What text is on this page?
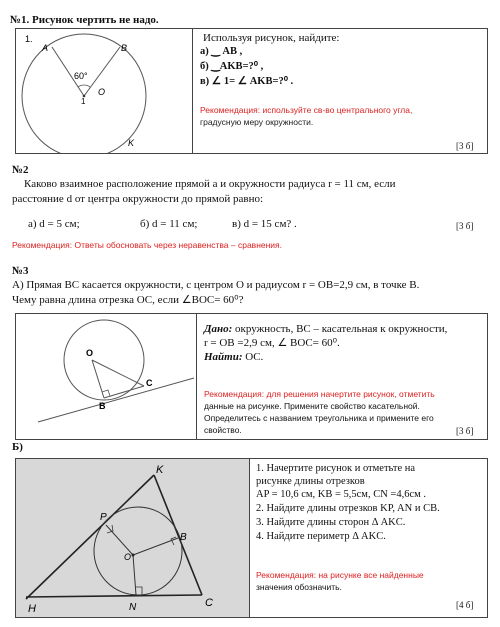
№1. Рисунок чертить не надо.
1.
A	B
60°
1
O
K
Используя рисунок, найдите:
а) ‿ AB ,
б) ‿AKB=?⁰ ,
в) ∠ 1= ∠ AKB=?⁰ .
Рекомендация: используйте св-во центрального угла,
градусную меру окружности.
[3 б]
№2
Каково взаимное расположение прямой a и окружности радиуса r = 11 см, если
расстояние d от центра окружности до прямой равно:
а) d = 5 см;	б) d = 11 см;	в) d = 15 см? .	[3 б]
Рекомендация: Ответы обосновать через неравенства – сравнения.
№3
А) Прямая BC касается окружности, с центром O и радиусом r = OB=2,9 см, в точке B.
Чему равна длина отрезка OC, если ∠BOC= 60⁰?
O
B
C
Дано: окружность, BC – касательная к окружности,
r = OB =2,9 см, ∠ BOC= 60⁰.
Найти: OC.
Рекомендация: для решения начертите рисунок, отметить
данные на рисунке. Примените свойство касательной.
Определитесь с названием треугольника и примените его
свойство.	[3 б]
Б)
K
P
O
B
H	N	C
1. Начертите рисунок и отметьте на
рисунке длины отрезков
AP = 10,6 см, KB = 5,5см, CN =4,6см .
2. Найдите длины отрезков KP, AN и CB.
3. Найдите длины сторон Δ AKC.
4. Найдите периметр Δ AKC.
Рекомендация: на рисунке все найденные
значения обозначить.
[4 б]
